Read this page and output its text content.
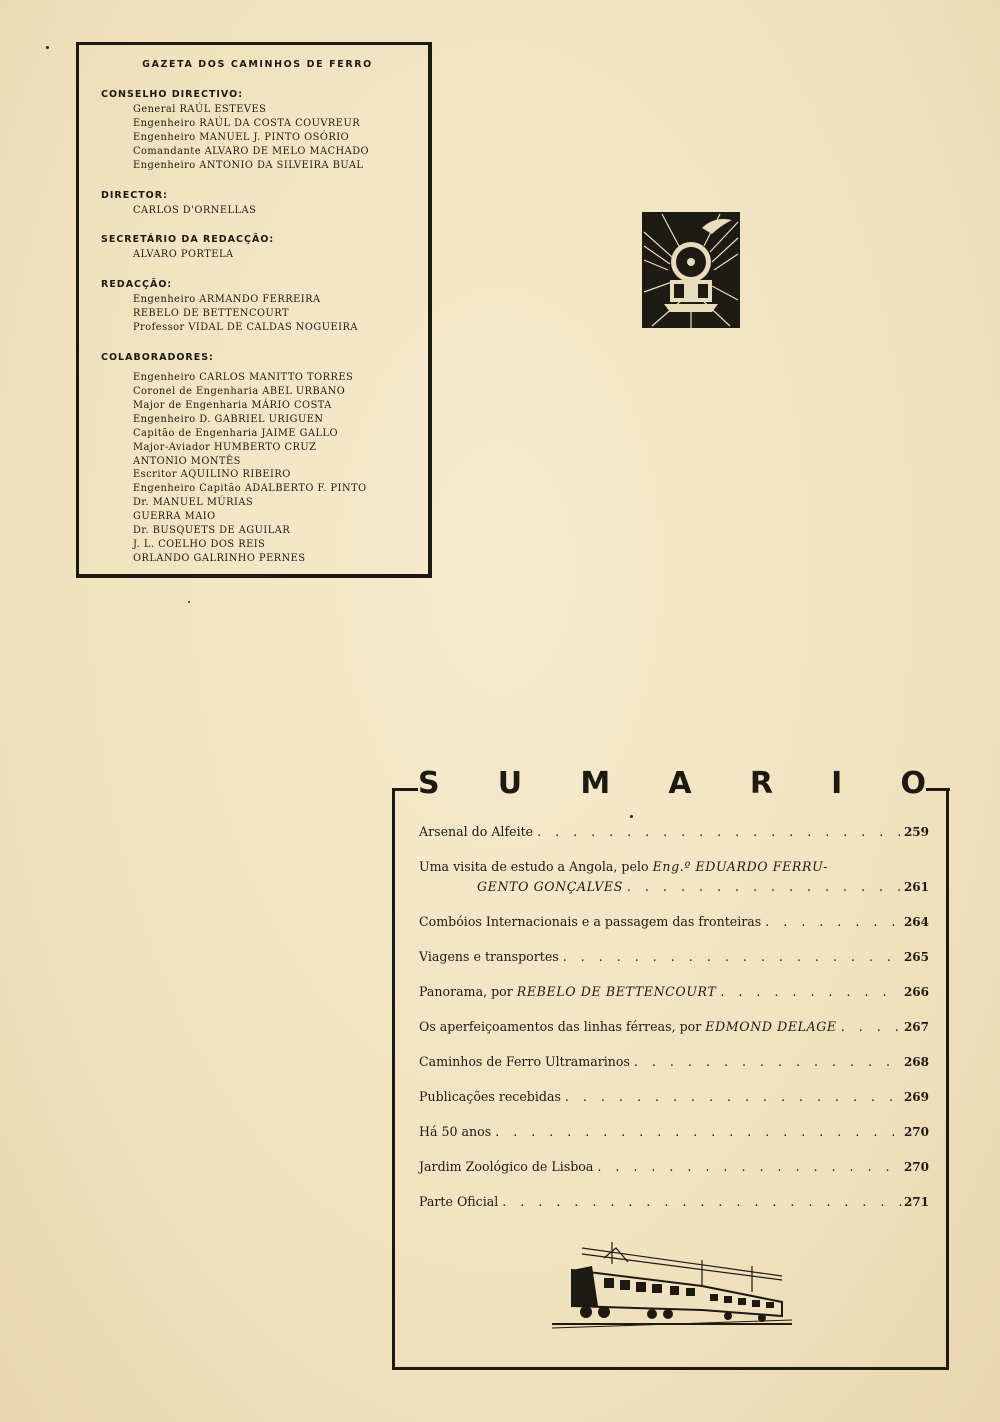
GAZETA DOS CAMINHOS DE FERRO
CONSELHO DIRECTIVO:
General RAÚL ESTEVES
Engenheiro RAÚL DA COSTA COUVREUR
Engenheiro MANUEL J. PINTO OSÓRIO
Comandante ALVARO DE MELO MACHADO
Engenheiro ANTONIO DA SILVEIRA BUAL
DIRECTOR:
CARLOS D'ORNELLAS
SECRETÁRIO DA REDACÇÃO:
ALVARO PORTELA
REDACÇÃO:
Engenheiro ARMANDO FERREIRA
REBELO DE BETTENCOURT
Professor VIDAL DE CALDAS NOGUEIRA
COLABORADORES:
Engenheiro CARLOS MANITTO TORRES
Coronel de Engenharia ABEL URBANO
Major de Engenharia MÁRIO COSTA
Engenheiro D. GABRIEL URIGUEN
Capitão de Engenharia JAIME GALLO
Major-Aviador HUMBERTO CRUZ
ANTONIO MONTÊS
Escritor AQUILINO RIBEIRO
Engenheiro Capitão ADALBERTO F. PINTO
Dr. MANUEL MÚRIAS
GUERRA MAIO
Dr. BUSQUETS DE AGUILAR
J. L. COELHO DOS REIS
ORLANDO GALRINHO PERNES
S U M A R I O
Arsenal do Alfeite . . .	259
Uma visita de estudo a Angola, pelo Eng.º EDUARDO FERRU-
GENTO GONÇALVES . . .	261
Combóios Internacionais e a passagem das fronteiras . . .	264
Viagens e transportes . . .	265
Panorama, por
REBELO DE BETTENCOURT . . .	266
Os aperfeiçoamentos das linhas férreas, por
EDMOND DELAGE . . .	267
Caminhos de Ferro Ultramarinos . . .	268
Publicações recebidas . . .	269
Há 50 anos . . .	270
Jardim Zoológico de Lisboa . . .	270
Parte Oficial . . .	271
